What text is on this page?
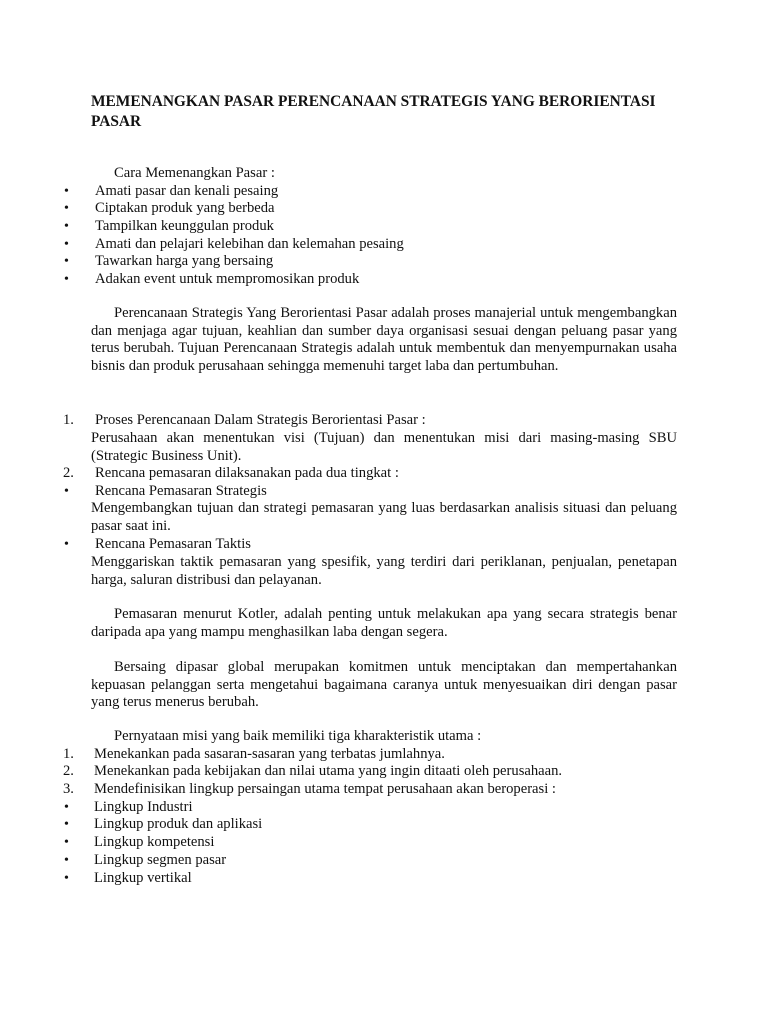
MEMENANGKAN PASAR PERENCANAAN STRATEGIS YANG BERORIENTASI PASAR
Cara Memenangkan Pasar :
• Amati pasar dan kenali pesaing
• Ciptakan produk yang berbeda
• Tampilkan keunggulan produk
• Amati dan pelajari kelebihan dan kelemahan pesaing
• Tawarkan harga yang bersaing
• Adakan event untuk mempromosikan produk

Perencanaan Strategis Yang Berorientasi Pasar adalah proses manajerial untuk mengembangkan dan menjaga agar tujuan, keahlian dan sumber daya organisasi sesuai dengan peluang pasar yang terus berubah. Tujuan Perencanaan Strategis adalah untuk membentuk dan menyempurnakan usaha bisnis dan produk perusahaan sehingga memenuhi target laba dan pertumbuhan.

1. Proses Perencanaan Dalam Strategis Berorientasi Pasar :

Perusahaan akan menentukan visi (Tujuan) dan menentukan misi dari masing-masing SBU (Strategic Business Unit).

2. Rencana pemasaran dilaksanakan pada dua tingkat :
• Rencana Pemasaran Strategis

Mengembangkan tujuan dan strategi pemasaran yang luas berdasarkan analisis situasi dan peluang pasar saat ini.

• Rencana Pemasaran Taktis

Menggariskan taktik pemasaran yang spesifik, yang terdiri dari periklanan, penjualan, penetapan harga, saluran distribusi dan pelayanan.

Pemasaran menurut Kotler, adalah penting untuk melakukan apa yang secara strategis benar daripada apa yang mampu menghasilkan laba dengan segera.

Bersaing dipasar global merupakan komitmen untuk menciptakan dan mempertahankan kepuasan pelanggan serta mengetahui bagaimana caranya untuk menyesuaikan diri dengan pasar yang terus menerus berubah.

Pernyataan misi yang baik memiliki tiga kharakteristik utama :
1. Menekankan pada sasaran-sasaran yang terbatas jumlahnya.
2. Menekankan pada kebijakan dan nilai utama yang ingin ditaati oleh perusahaan.
3. Mendefinisikan lingkup persaingan utama tempat perusahaan akan beroperasi :
• Lingkup Industri
• Lingkup produk dan aplikasi
• Lingkup kompetensi
• Lingkup segmen pasar
• Lingkup vertikal
